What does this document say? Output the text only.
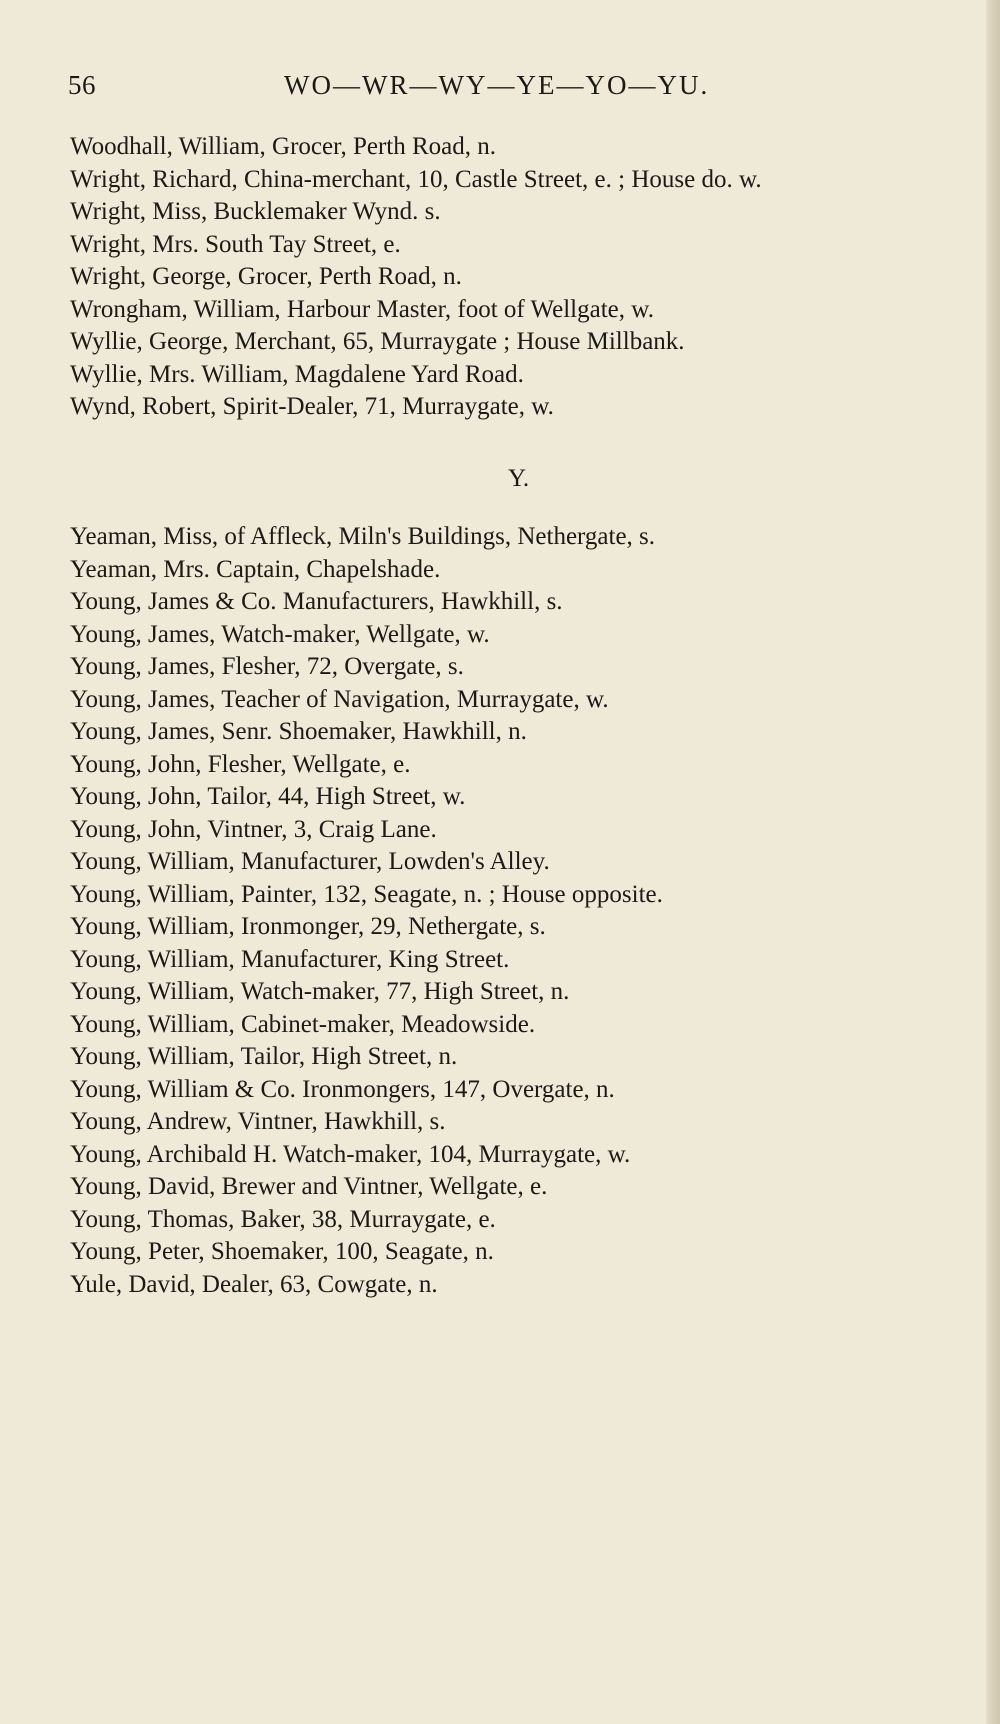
56	WO—WR—WY—YE—YO—YU.
Woodhall, William, Grocer, Perth Road, n.
Wright, Richard, China-merchant, 10, Castle Street, e. ; House do. w.
Wright, Miss, Bucklemaker Wynd. s.
Wright, Mrs. South Tay Street, e.
Wright, George, Grocer, Perth Road, n.
Wrongham, William, Harbour Master, foot of Wellgate, w.
Wyllie, George, Merchant, 65, Murraygate ; House Millbank.
Wyllie, Mrs. William, Magdalene Yard Road.
Wynd, Robert, Spirit-Dealer, 71, Murraygate, w.
Y.
Yeaman, Miss, of Affleck, Miln's Buildings, Nethergate, s.
Yeaman, Mrs. Captain, Chapelshade.
Young, James & Co. Manufacturers, Hawkhill, s.
Young, James, Watch-maker, Wellgate, w.
Young, James, Flesher, 72, Overgate, s.
Young, James, Teacher of Navigation, Murraygate, w.
Young, James, Senr. Shoemaker, Hawkhill, n.
Young, John, Flesher, Wellgate, e.
Young, John, Tailor, 44, High Street, w.
Young, John, Vintner, 3, Craig Lane.
Young, William, Manufacturer, Lowden's Alley.
Young, William, Painter, 132, Seagate, n. ; House opposite.
Young, William, Ironmonger, 29, Nethergate, s.
Young, William, Manufacturer, King Street.
Young, William, Watch-maker, 77, High Street, n.
Young, William, Cabinet-maker, Meadowside.
Young, William, Tailor, High Street, n.
Young, William & Co. Ironmongers, 147, Overgate, n.
Young, Andrew, Vintner, Hawkhill, s.
Young, Archibald H. Watch-maker, 104, Murraygate, w.
Young, David, Brewer and Vintner, Wellgate, e.
Young, Thomas, Baker, 38, Murraygate, e.
Young, Peter, Shoemaker, 100, Seagate, n.
Yule, David, Dealer, 63, Cowgate, n.
